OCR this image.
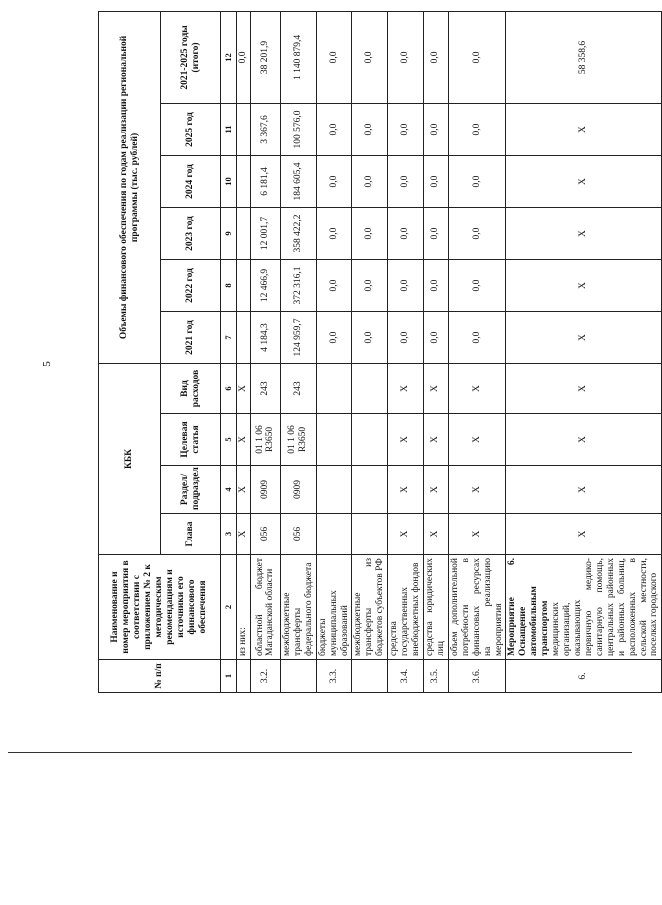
5
№ п/п	Наименование и номер мероприятия в соответствии с приложением № 2 к методическим рекомендациям и источники его финансового обеспечения	КБК				Объемы финансового обеспечения по годам реализации региональной программы (тыс. рублей)					
		Глава	Раздел/ подраздел	Целевая статья	Вид расходов	2021 год	2022 год	2023 год	2024 год	2025 год	2021-2025 годы (итого)
1	2	3	4	5	6	7	8	9	10	11	12
	из них:	X	X	X	X						0,0
3.2.	областной бюджет Магаданской области	056	0909	01 1 06 R3650	243	4 184,3	12 466,9	12 001,7	6 181,4	3 367,6	38 201,9
	межбюджетные трансферты федерального бюджета	056	0909	01 1 06 R3650	243	124 959,7	372 316,1	358 422,2	184 605,4	100 576,0	1 140 879,4
3.3.	бюджеты муниципальных образований					0,0	0,0	0,0	0,0	0,0	0,0
	межбюджетные трансферты из бюджетов субъектов РФ					0,0	0,0	0,0	0,0	0,0	0,0
3.4.	средства государственных внебюджетных фондов	X	X	X	X	0,0	0,0	0,0	0,0	0,0	0,0
3.5.	средства юридических лиц	X	X	X	X	0,0	0,0	0,0	0,0	0,0	0,0
3.6.	объем дополнительной потребности в финансовых ресурсах на реализацию мероприятия	X	X	X	X	0,0	0,0	0,0	0,0	0,0	0,0
6.	Мероприятие 6. Оснащение автомобильным транспортом медицинских организаций, оказывающих первичную медико-санитарную помощь, центральных районных и районных больниц, расположенных в сельской местности, поселках городского	X	X	X	X	X	X	X	X	X	58 358,6
